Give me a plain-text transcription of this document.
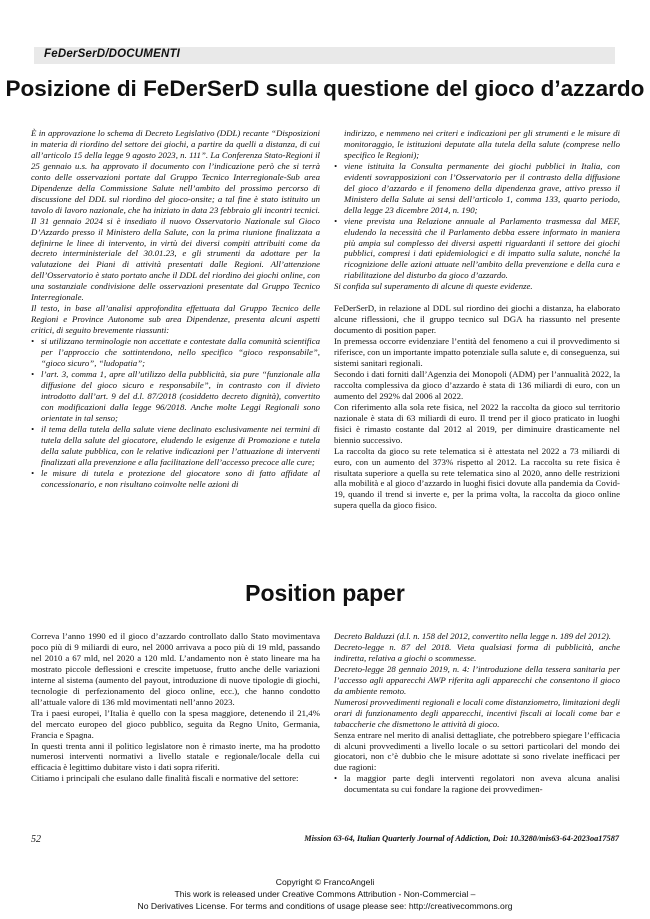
FeDerSerD/DOCUMENTI
Posizione di FeDerSerD sulla questione del gioco d’azzardo

È in approvazione lo schema di Decreto Legislativo (DDL) recante “Disposizioni in materia di riordino del settore dei giochi, a partire da quelli a distanza, di cui all’articolo 15 della legge 9 agosto 2023, n. 111”. La Conferenza Stato-Regioni il 25 gennaio u.s. ha approvato il documento con l’indicazione però che si terrà conto delle osservazioni portate dal Gruppo Tecnico Interregionale-Sub area Dipendenze della Commissione Salute nell’ambito del prossimo percorso di discussione del DDL sul riordino del gioco-onsite; a tal fine è stato istituito un tavolo di lavoro nazionale, che ha iniziato in data 23 febbraio gli incontri tecnici. Il 31 gennaio 2024 si è insediato il nuovo Osservatorio Nazionale sul Gioco D’Azzardo presso il Ministero della Salute, con la prima riunione finalizzata a definirne le linee di intervento, in virtù dei diversi compiti attribuiti come da decreto interministeriale del 30.01.23, e gli strumenti da adottare per la valutazione dei Piani di attività presentati dalle Regioni. All’attenzione dell’Osservatorio è stato portato anche il DDL del riordino dei giochi online, con una sostanziale condivisione delle osservazioni presentate dal Gruppo Tecnico Interregionale.

Il testo, in base all’analisi approfondita effettuata dal Gruppo Tecnico delle Regioni e Province Autonome sub area Dipendenze, presenta alcuni aspetti critici, di seguito brevemente riassunti:

• si utilizzano terminologie non accettate e contestate dalla comunità scientifica per l’approccio che sottintendono, nello specifico “gioco responsabile”, “gioco sicuro”, “ludopatia”;
• l’art. 3, comma 1, apre all’utilizzo della pubblicità, sia pure “funzionale alla diffusione del gioco sicuro e responsabile”, in contrasto con il divieto introdotto dall’art. 9 del d.l. 87/2018 (cosiddetto decreto dignità), convertito con modificazioni dalla legge 96/2018. Anche molte Leggi Regionali sono orientate in tal senso;
• il tema della tutela della salute viene declinato esclusivamente nei termini di tutela della salute del giocatore, eludendo le esigenze di Promozione e tutela della salute pubblica, con le relative indicazioni per l’attuazione di interventi finalizzati alla prevenzione e alla facilitazione dell’accesso precoce alle cure;
• le misure di tutela e protezione del giocatore sono di fatto affidate al concessionario, e non risultano coinvolte nelle azioni di

indirizzo, e nemmeno nei criteri e indicazioni per gli strumenti e le misure di monitoraggio, le istituzioni deputate alla tutela della salute (comprese nello specifico le Regioni);

• viene istituita la Consulta permanente dei giochi pubblici in Italia, con evidenti sovrapposizioni con l’Osservatorio per il contrasto della diffusione del gioco d’azzardo e il fenomeno della dipendenza grave, attivo presso il Ministero della Salute ai sensi dell’articolo 1, comma 133, quarto periodo, della legge 23 dicembre 2014, n. 190;
• viene prevista una Relazione annuale al Parlamento trasmessa dal MEF, eludendo la necessità che il Parlamento debba essere informato in maniera più ampia sul complesso dei diversi aspetti riguardanti il settore dei giochi pubblici, compresi i dati epidemiologici e di impatto sulla salute, nonché la ricognizione delle azioni attuate nell’ambito della prevenzione e della cura e riabilitazione del disturbo da gioco d’azzardo.

Si confida sul superamento di alcune di queste evidenze.

FeDerSerD, in relazione al DDL sul riordino dei giochi a distanza, ha elaborato alcune riflessioni, che il gruppo tecnico sul DGA ha riassunto nel presente documento di position paper.

In premessa occorre evidenziare l’entità del fenomeno a cui il provvedimento si riferisce, con un importante impatto potenziale sulla salute e, di conseguenza, sui sistemi sanitari regionali.

Secondo i dati forniti dall’Agenzia dei Monopoli (ADM) per l’annualità 2022, la raccolta complessiva da gioco d’azzardo è stata di 136 miliardi di euro, con un aumento del 292% dal 2006 al 2022.

Con riferimento alla sola rete fisica, nel 2022 la raccolta da gioco sul territorio nazionale è stata di 63 miliardi di euro. Il trend per il gioco praticato in luoghi fisici è rimasto costante dal 2012 al 2019, per diminuire drasticamente nel biennio successivo.

La raccolta da gioco su rete telematica si è attestata nel 2022 a 73 miliardi di euro, con un aumento del 373% rispetto al 2012. La raccolta su rete fisica è risultata superiore a quella su rete telematica sino al 2020, anno delle restrizioni alla mobilità e al gioco d’azzardo in luoghi fisici dovute alla pandemia da Covid-19, quando il trend si inverte e, per la prima volta, la raccolta da gioco online supera quella da gioco fisico.

Position paper

Correva l’anno 1990 ed il gioco d’azzardo controllato dallo Stato movimentava poco più di 9 miliardi di euro, nel 2000 arrivava a poco più di 19 mld, passando nel 2010 a 67 mld, nel 2020 a 120 mld. L’andamento non è stato lineare ma ha mostrato piccole deflessioni e crescite impetuose, frutto anche delle variazioni interne al sistema (aumento del payout, introduzione di nuove tipologie di giochi, tecnologie di perfezionamento del gioco online, ecc.), che hanno condotto all’attuale valore di 136 mld movimentati nell’anno 2023.

Tra i paesi europei, l’Italia è quello con la spesa maggiore, detenendo il 21,4% del mercato europeo del gioco pubblico, seguita da Regno Unito, Germania, Francia e Spagna.

In questi trenta anni il politico legislatore non è rimasto inerte, ma ha prodotto numerosi interventi normativi a livello statale e regionale/locale della cui efficacia è legittimo dubitare visto i dati sopra riferiti.

Citiamo i principali che esulano dalle finalità fiscali e normative del settore:

Decreto Balduzzi (d.l. n. 158 del 2012, convertito nella legge n. 189 del 2012).

Decreto-legge n. 87 del 2018. Vieta qualsiasi forma di pubblicità, anche indiretta, relativa a giochi o scommesse.

Decreto-legge 28 gennaio 2019, n. 4: l’introduzione della tessera sanitaria per l’accesso agli apparecchi AWP riferita agli apparecchi che consentono il gioco da ambiente remoto.

Numerosi provvedimenti regionali e locali come distanziometro, limitazioni degli orari di funzionamento degli apparecchi, incentivi fiscali ai locali come bar e tabaccherie che dismettono le attività di gioco.

Senza entrare nel merito di analisi dettagliate, che potrebbero spiegare l’efficacia di alcuni provvedimenti a livello locale o su settori particolari del mondo dei giocatori, non c’è dubbio che le misure adottate si sono rivelate inefficaci per due ragioni:

• la maggior parte degli interventi regolatori non aveva alcuna analisi documentata su cui fondare la ragione dei provvedimen-
52	Mission 63-64, Italian Quarterly Journal of Addiction, Doi: 10.3280/mis63-64-2023oa17587
Copyright © FrancoAngeli
This work is released under Creative Commons Attribution - Non-Commercial –
No Derivatives License. For terms and conditions of usage please see: http://creativecommons.org
